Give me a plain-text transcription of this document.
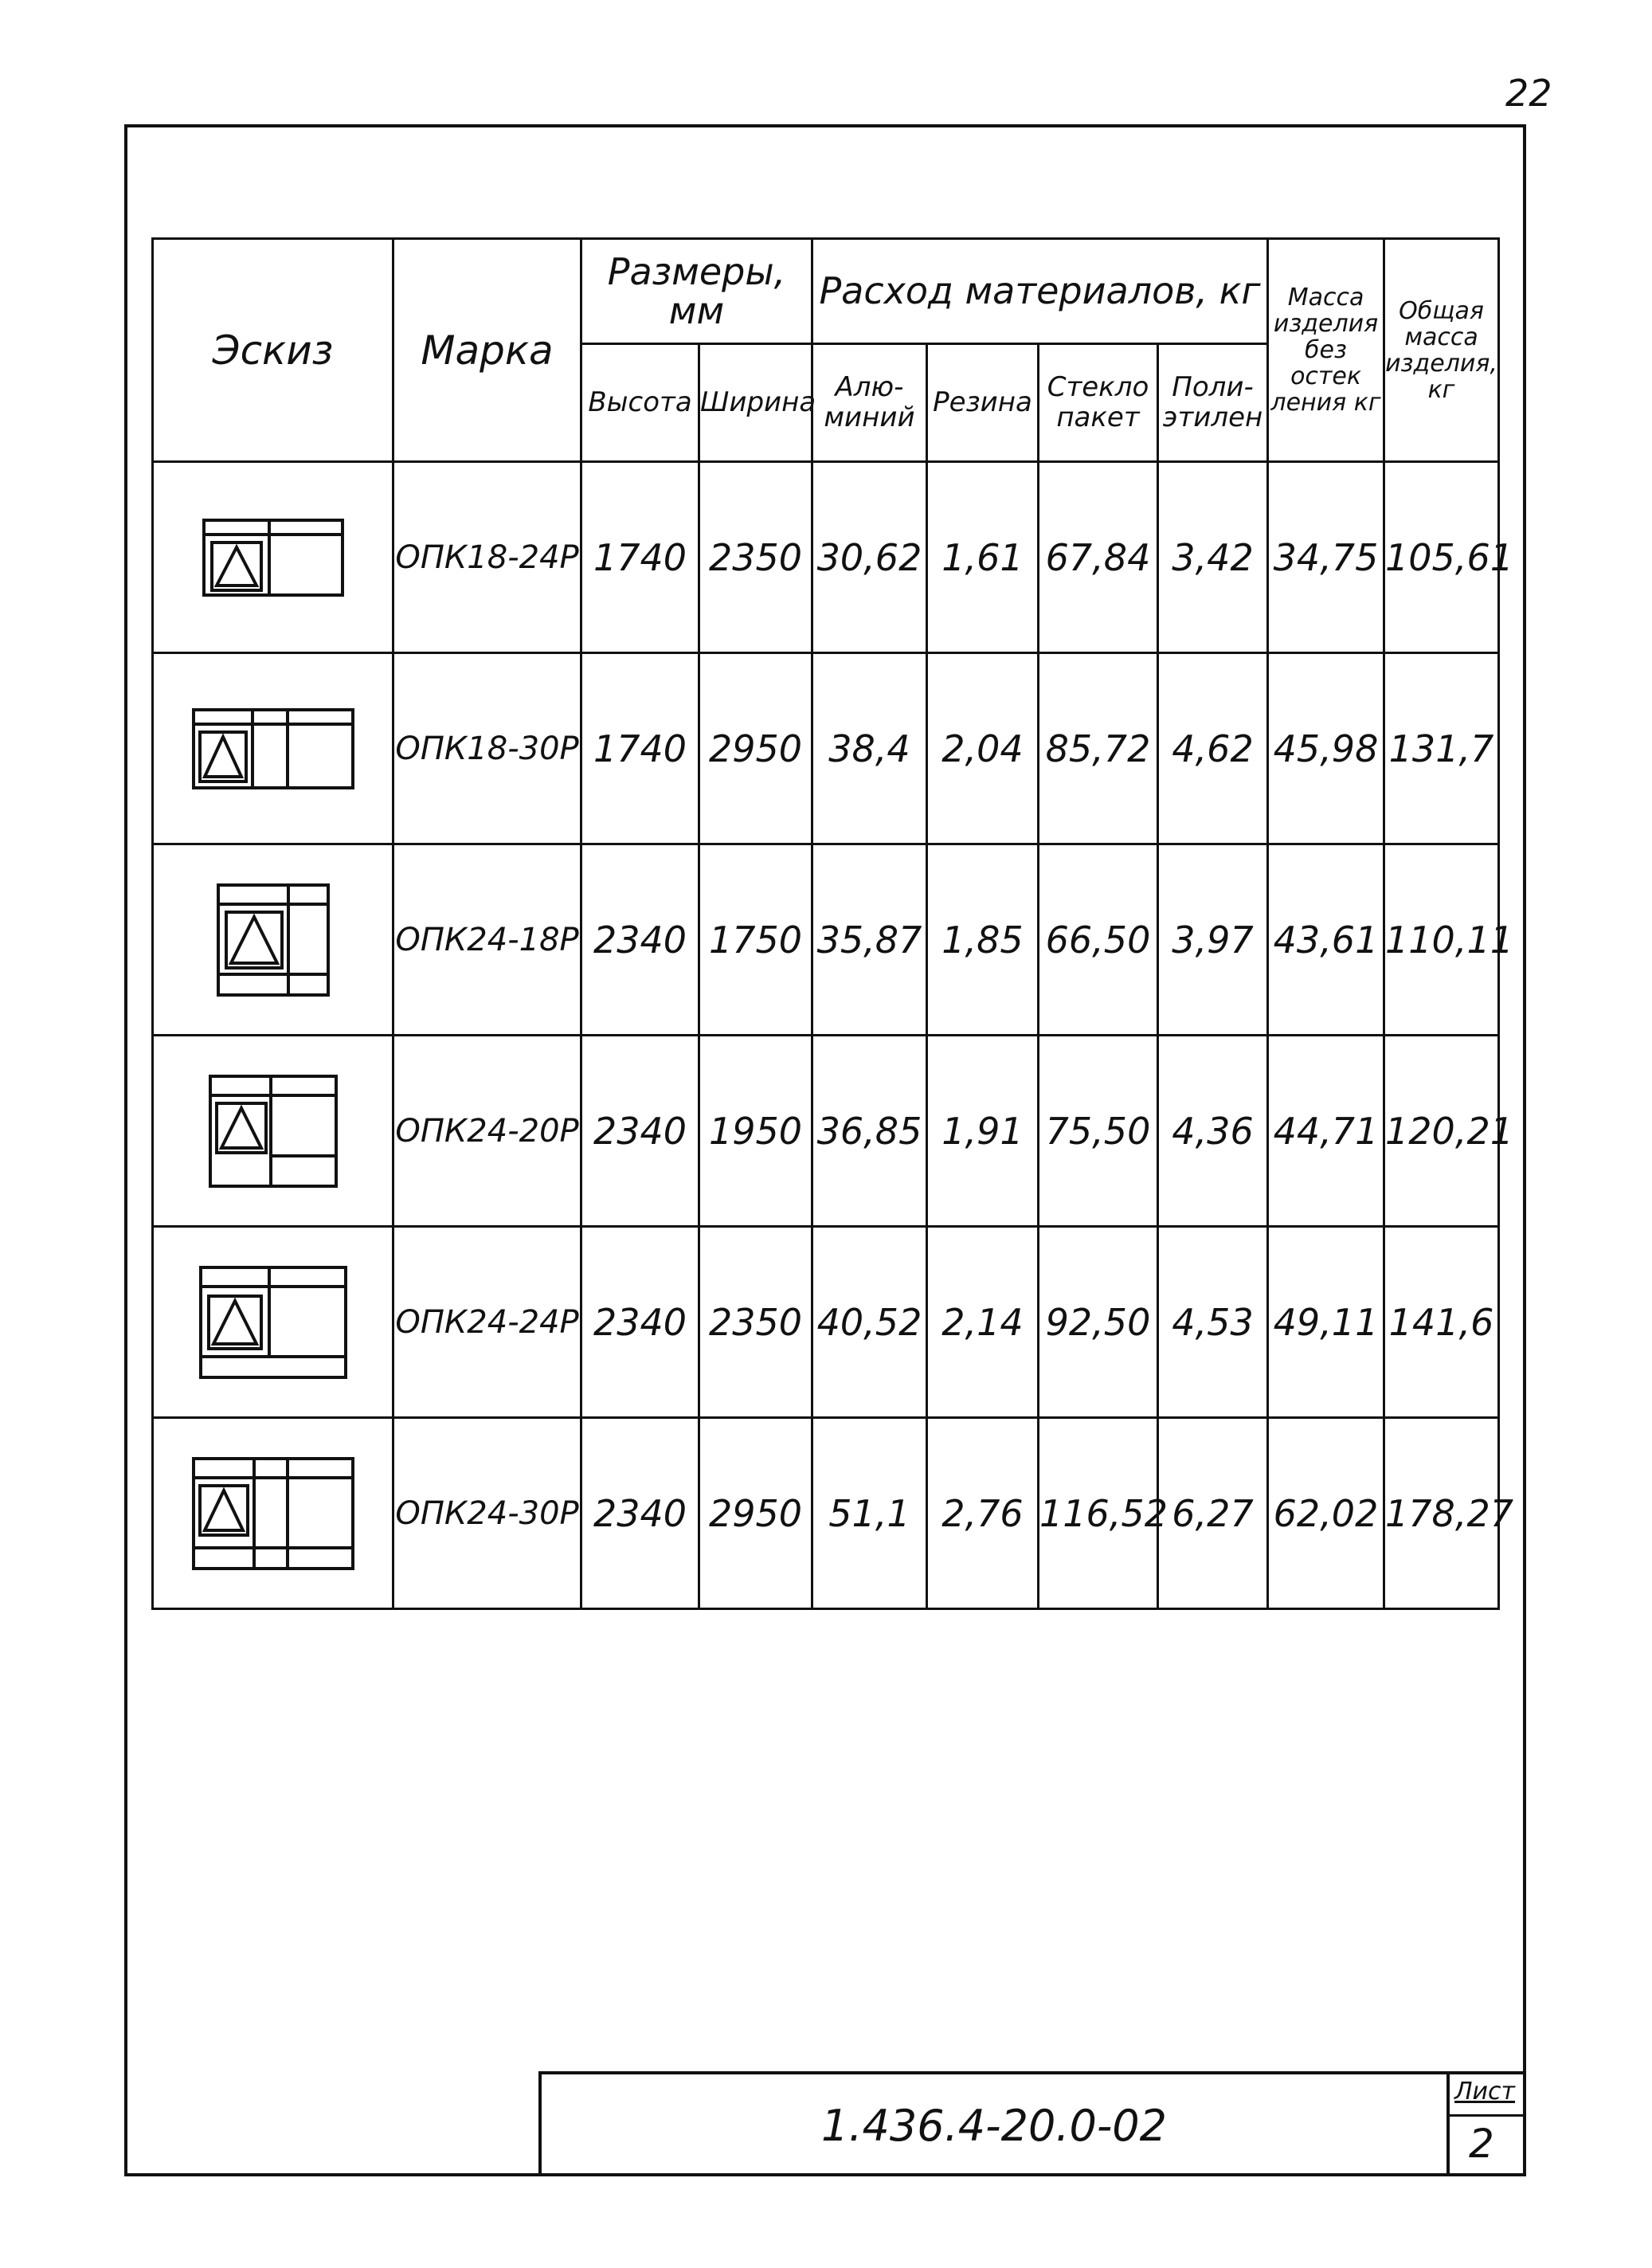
22
Эскиз	Марка	Размеры, мм		Расход материалов, кг				Масса изделия без остек ления кг	Общая масса изделия, кг
		Высота	Ширина	Алю-миний	Резина	Стекло пакет	Поли-этилен		

	ОПК18-24Р	1740	2350	30,62	1,61	67,84	3,42	34,75	105,61

	ОПК18-30Р	1740	2950	38,4	2,04	85,72	4,62	45,98	131,7

	ОПК24-18Р	2340	1750	35,87	1,85	66,50	3,97	43,61	110,11

	ОПК24-20Р	2340	1950	36,85	1,91	75,50	4,36	44,71	120,21

	ОПК24-24Р	2340	2350	40,52	2,14	92,50	4,53	49,11	141,6

	ОПК24-30Р	2340	2950	51,1	2,76	116,52	6,27	62,02	178,27
1.436.4-20.0-02
Лист
2
